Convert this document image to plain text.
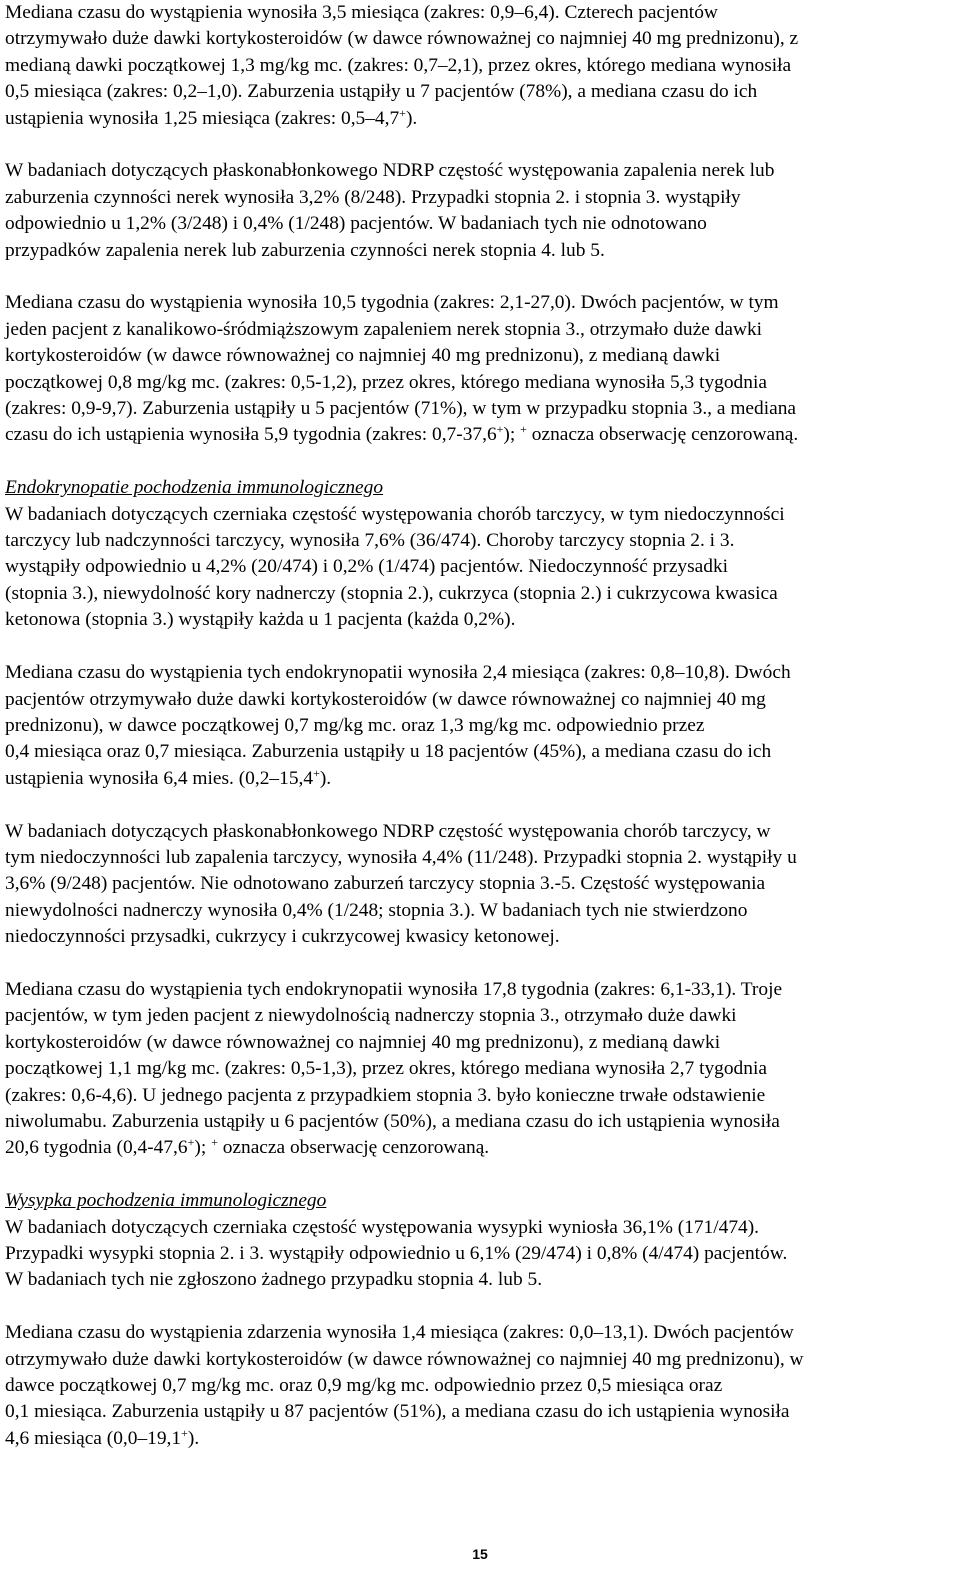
Mediana czasu do wystąpienia wynosiła 3,5 miesiąca (zakres: 0,9–6,4). Czterech pacjentów
otrzymywało duże dawki kortykosteroidów (w dawce równoważnej co najmniej 40 mg prednizonu), z
medianą dawki początkowej 1,3 mg/kg mc. (zakres: 0,7–2,1), przez okres, którego mediana wynosiła
0,5 miesiąca (zakres: 0,2–1,0). Zaburzenia ustąpiły u 7 pacjentów (78%), a mediana czasu do ich
ustąpienia wynosiła 1,25 miesiąca (zakres: 0,5–4,7+).
W badaniach dotyczących płaskonabłonkowego NDRP częstość występowania zapalenia nerek lub
zaburzenia czynności nerek wynosiła 3,2% (8/248). Przypadki stopnia 2. i stopnia 3. wystąpiły
odpowiednio u 1,2% (3/248) i 0,4% (1/248) pacjentów. W badaniach tych nie odnotowano
przypadków zapalenia nerek lub zaburzenia czynności nerek stopnia 4. lub 5.
Mediana czasu do wystąpienia wynosiła 10,5 tygodnia (zakres: 2,1-27,0). Dwóch pacjentów, w tym
jeden pacjent z kanalikowo-śródmiąższowym zapaleniem nerek stopnia 3., otrzymało duże dawki
kortykosteroidów (w dawce równoważnej co najmniej 40 mg prednizonu), z medianą dawki
początkowej 0,8 mg/kg mc. (zakres: 0,5-1,2), przez okres, którego mediana wynosiła 5,3 tygodnia
(zakres: 0,9-9,7). Zaburzenia ustąpiły u 5 pacjentów (71%), w tym w przypadku stopnia 3., a mediana
czasu do ich ustąpienia wynosiła 5,9 tygodnia (zakres: 0,7-37,6+); + oznacza obserwację cenzorowaną.
Endokrynopatie pochodzenia immunologicznego
W badaniach dotyczących czerniaka częstość występowania chorób tarczycy, w tym niedoczynności
tarczycy lub nadczynności tarczycy, wynosiła 7,6% (36/474). Choroby tarczycy stopnia 2. i 3.
wystąpiły odpowiednio u 4,2% (20/474) i 0,2% (1/474) pacjentów. Niedoczynność przysadki
(stopnia 3.), niewydolność kory nadnerczy (stopnia 2.), cukrzyca (stopnia 2.) i cukrzycowa kwasica
ketonowa (stopnia 3.) wystąpiły każda u 1 pacjenta (każda 0,2%).
Mediana czasu do wystąpienia tych endokrynopatii wynosiła 2,4 miesiąca (zakres: 0,8–10,8). Dwóch
pacjentów otrzymywało duże dawki kortykosteroidów (w dawce równoważnej co najmniej 40 mg
prednizonu), w dawce początkowej 0,7 mg/kg mc. oraz 1,3 mg/kg mc. odpowiednio przez
0,4 miesiąca oraz 0,7 miesiąca. Zaburzenia ustąpiły u 18 pacjentów (45%), a mediana czasu do ich
ustąpienia wynosiła 6,4 mies. (0,2–15,4+).
W badaniach dotyczących płaskonabłonkowego NDRP częstość występowania chorób tarczycy, w
tym niedoczynności lub zapalenia tarczycy, wynosiła 4,4% (11/248). Przypadki stopnia 2. wystąpiły u
3,6% (9/248) pacjentów. Nie odnotowano zaburzeń tarczycy stopnia 3.-5. Częstość występowania
niewydolności nadnerczy wynosiła 0,4% (1/248; stopnia 3.). W badaniach tych nie stwierdzono
niedoczynności przysadki, cukrzycy i cukrzycowej kwasicy ketonowej.
Mediana czasu do wystąpienia tych endokrynopatii wynosiła 17,8 tygodnia (zakres: 6,1-33,1). Troje
pacjentów, w tym jeden pacjent z niewydolnością nadnerczy stopnia 3., otrzymało duże dawki
kortykosteroidów (w dawce równoważnej co najmniej 40 mg prednizonu), z medianą dawki
początkowej 1,1 mg/kg mc. (zakres: 0,5-1,3), przez okres, którego mediana wynosiła 2,7 tygodnia
(zakres: 0,6-4,6). U jednego pacjenta z przypadkiem stopnia 3. było konieczne trwałe odstawienie
niwolumabu. Zaburzenia ustąpiły u 6 pacjentów (50%), a mediana czasu do ich ustąpienia wynosiła
20,6 tygodnia (0,4-47,6+); + oznacza obserwację cenzorowaną.
Wysypka pochodzenia immunologicznego
W badaniach dotyczących czerniaka częstość występowania wysypki wyniosła 36,1% (171/474).
Przypadki wysypki stopnia 2. i 3. wystąpiły odpowiednio u 6,1% (29/474) i 0,8% (4/474) pacjentów.
W badaniach tych nie zgłoszono żadnego przypadku stopnia 4. lub 5.
Mediana czasu do wystąpienia zdarzenia wynosiła 1,4 miesiąca (zakres: 0,0–13,1). Dwóch pacjentów
otrzymywało duże dawki kortykosteroidów (w dawce równoważnej co najmniej 40 mg prednizonu), w
dawce początkowej 0,7 mg/kg mc. oraz 0,9 mg/kg mc. odpowiednio przez 0,5 miesiąca oraz
0,1 miesiąca. Zaburzenia ustąpiły u 87 pacjentów (51%), a mediana czasu do ich ustąpienia wynosiła
4,6 miesiąca (0,0–19,1+).
15
